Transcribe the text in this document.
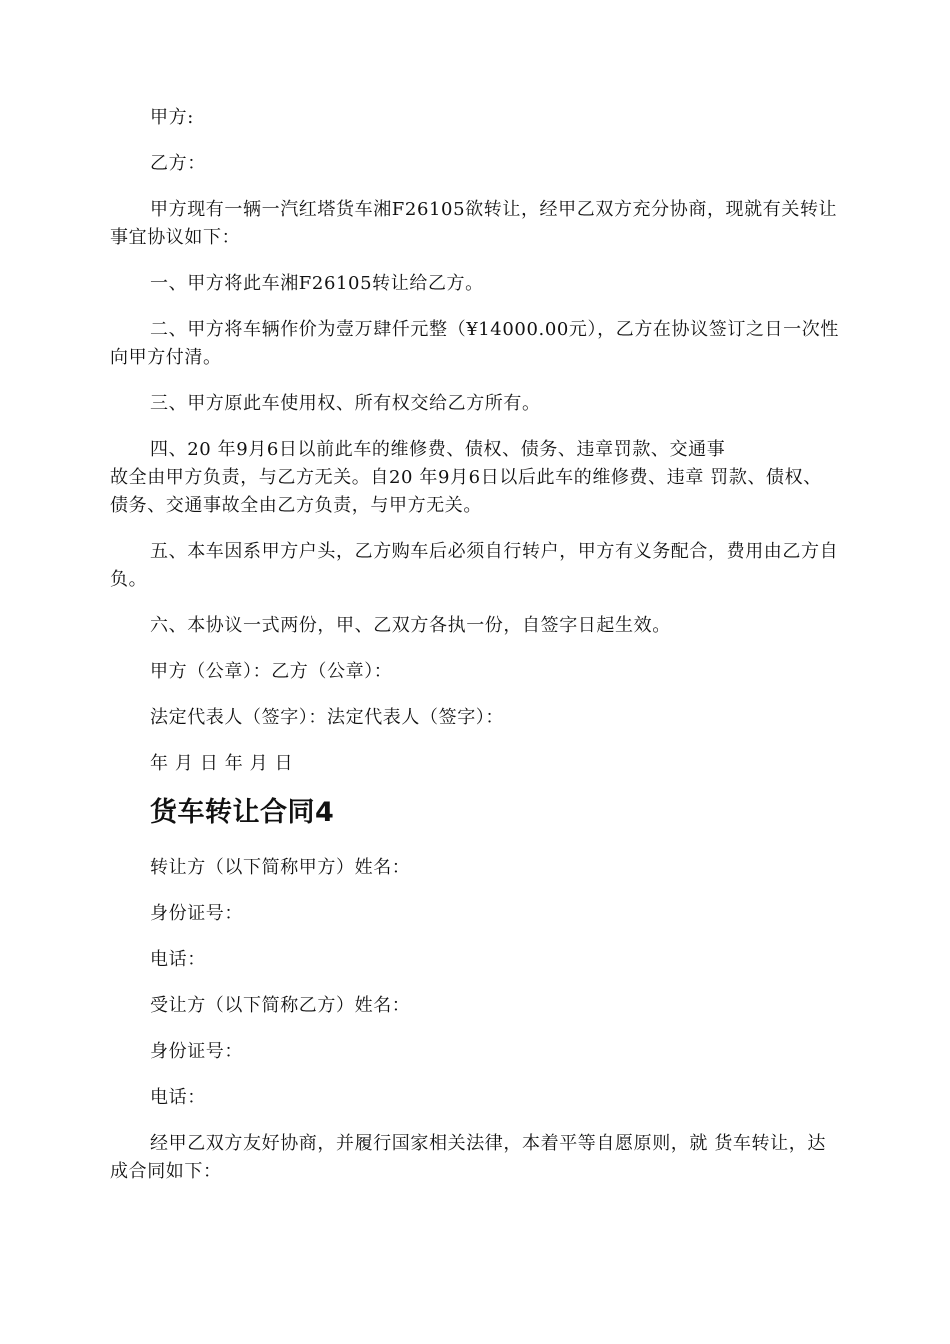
甲方:

乙方：

甲方现有一辆一汽红塔货车湘F26105欲转让，经甲乙双方充分协商，现就有关转让事宜协议如下：

一、甲方将此车湘F26105转让给乙方。

二、甲方将车辆作价为壹万肆仟元整（¥14000.00元），乙方在协议签订之日一次性向甲方付清。

三、甲方原此车使用权、所有权交给乙方所有。

四、20 年9月6日以前此车的维修费、债权、债务、违章罚款、交通事
故全由甲方负责，与乙方无关。自20 年9月6日以后此车的维修费、违章 罚款、债权、债务、交通事故全由乙方负责，与甲方无关。

五、本车因系甲方户头，乙方购车后必须自行转户，甲方有义务配合，费用由乙方自负。

六、本协议一式两份，甲、乙双方各执一份，自签字日起生效。

甲方（公章）：乙方（公章）：

法定代表人（签字）：法定代表人（签字）：

年 月 日 年 月 日

货车转让合同4

转让方（以下简称甲方）姓名：

身份证号：

电话：

受让方（以下简称乙方）姓名：

身份证号：

电话：

经甲乙双方友好协商，并履行国家相关法律，本着平等自愿原则，就 货车转让，达成合同如下：
